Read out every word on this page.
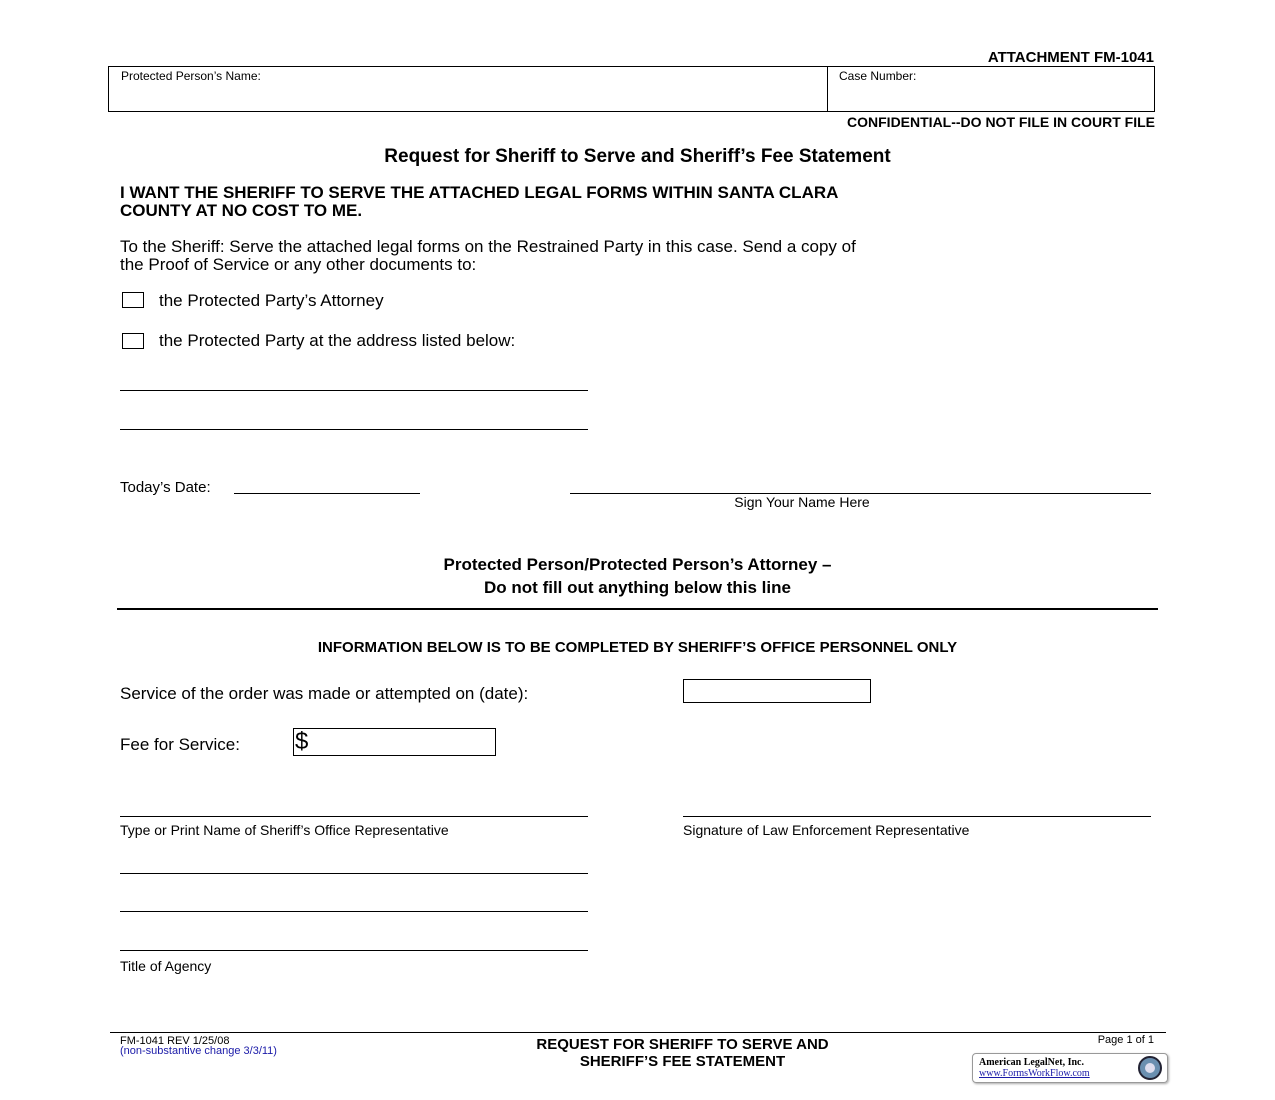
ATTACHMENT FM-1041
Protected Person’s Name:	Case Number:
CONFIDENTIAL--DO NOT FILE IN COURT FILE
Request for Sheriff to Serve and Sheriff’s Fee Statement
I WANT THE SHERIFF TO SERVE THE ATTACHED LEGAL FORMS WITHIN SANTA CLARA
COUNTY AT NO COST TO ME.
To the Sheriff: Serve the attached legal forms on the Restrained Party in this case. Send a copy of
the Proof of Service or any other documents to:
the Protected Party’s Attorney
the Protected Party at the address listed below:
Today’s Date:
Sign Your Name Here
Protected Person/Protected Person’s Attorney –
Do not fill out anything below this line
INFORMATION BELOW IS TO BE COMPLETED BY SHERIFF’S OFFICE PERSONNEL ONLY
Service of the order was made or attempted on (date):
Fee for Service: $
Type or Print Name of Sheriff’s Office Representative	Signature of Law Enforcement Representative
Title of Agency
FM-1041 REV 1/25/08
(non-substantive change 3/3/11)	REQUEST FOR SHERIFF TO SERVE AND
SHERIFF’S FEE STATEMENT
Page 1 of 1
American LegalNet, Inc.
www.FormsWorkFlow.com
